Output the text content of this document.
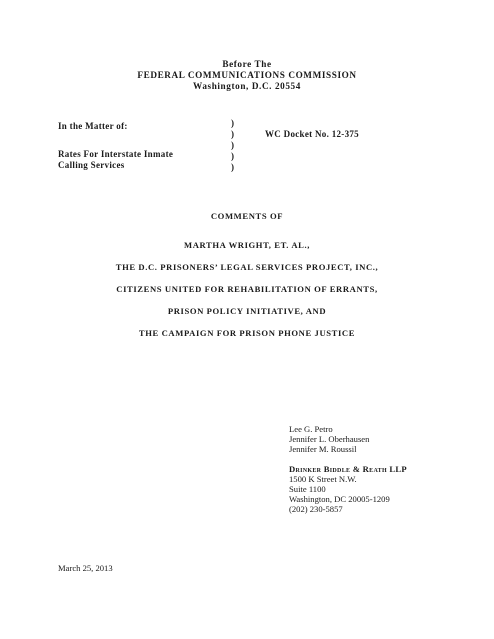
Before The
FEDERAL COMMUNICATIONS COMMISSION
Washington, D.C. 20554
In the Matter of:
Rates For Interstate Inmate
Calling Services
)
)
)
)
)
WC Docket No. 12-375
COMMENTS OF
MARTHA WRIGHT, ET. AL.,
THE D.C. PRISONERS’ LEGAL SERVICES PROJECT, INC.,
CITIZENS UNITED FOR REHABILITATION OF ERRANTS,
PRISON POLICY INITIATIVE, AND
THE CAMPAIGN FOR PRISON PHONE JUSTICE
Lee G. Petro
Jennifer L. Oberhausen
Jennifer M. Roussil
Drinker Biddle & Reath LLP
1500 K Street N.W.
Suite 1100
Washington, DC 20005-1209
(202) 230-5857
March 25, 2013
